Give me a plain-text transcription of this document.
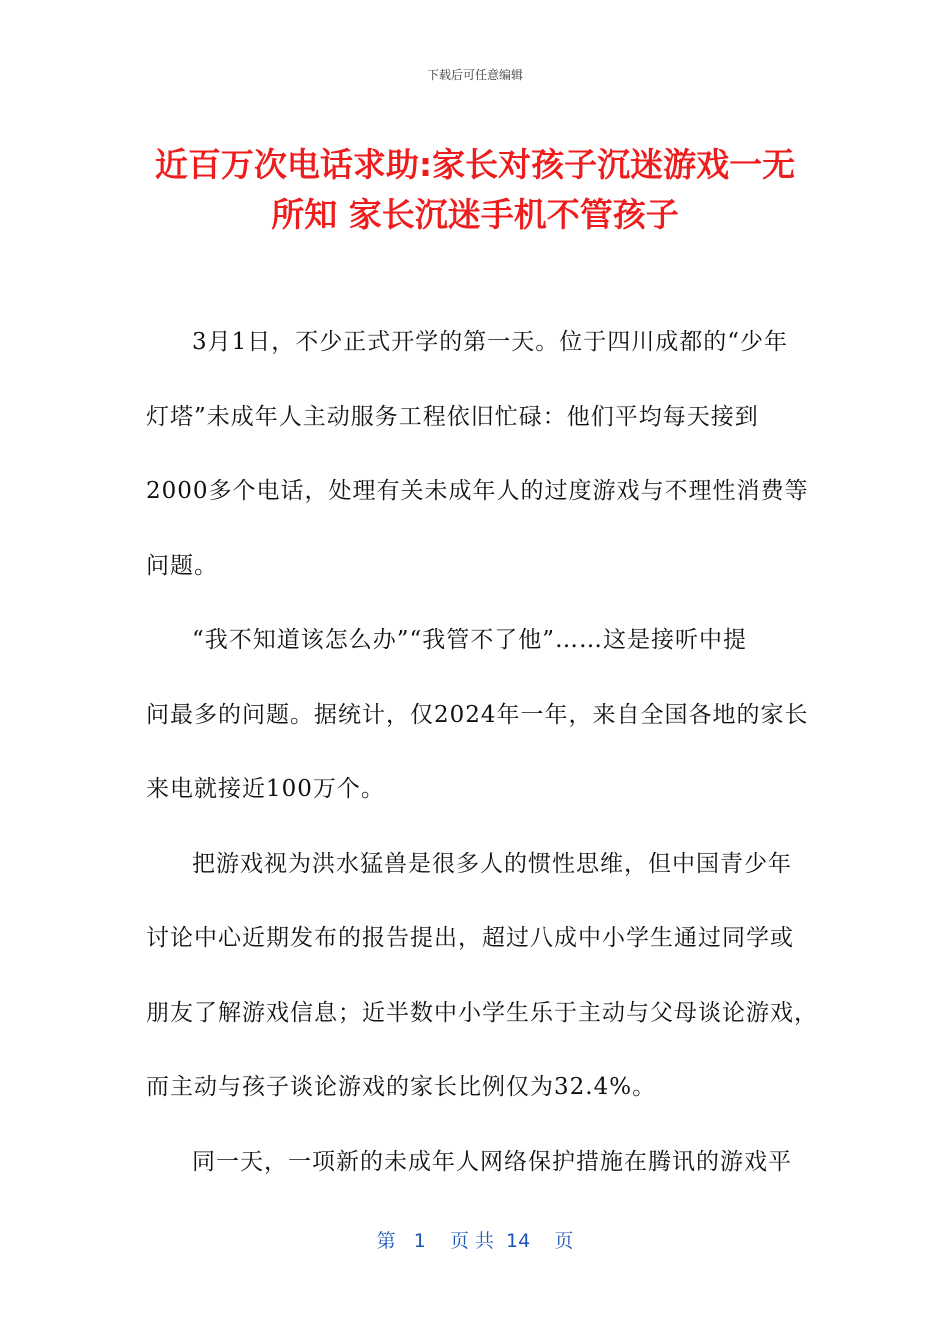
下载后可任意编辑
近百万次电话求助:家长对孩子沉迷游戏一无
所知 家长沉迷手机不管孩子
3月1日，不少正式开学的第一天。位于四川成都的“少年
灯塔”未成年人主动服务工程依旧忙碌：他们平均每天接到
2000多个电话，处理有关未成年人的过度游戏与不理性消费等
问题。
“我不知道该怎么办”“我管不了他”……这是接听中提
问最多的问题。据统计，仅2024年一年，来自全国各地的家长
来电就接近100万个。
把游戏视为洪水猛兽是很多人的惯性思维，但中国青少年
讨论中心近期发布的报告提出，超过八成中小学生通过同学或
朋友了解游戏信息；近半数中小学生乐于主动与父母谈论游戏，
而主动与孩子谈论游戏的家长比例仅为32.4%。
同一天，一项新的未成年人网络保护措施在腾讯的游戏平
第   1    页 共  14    页
